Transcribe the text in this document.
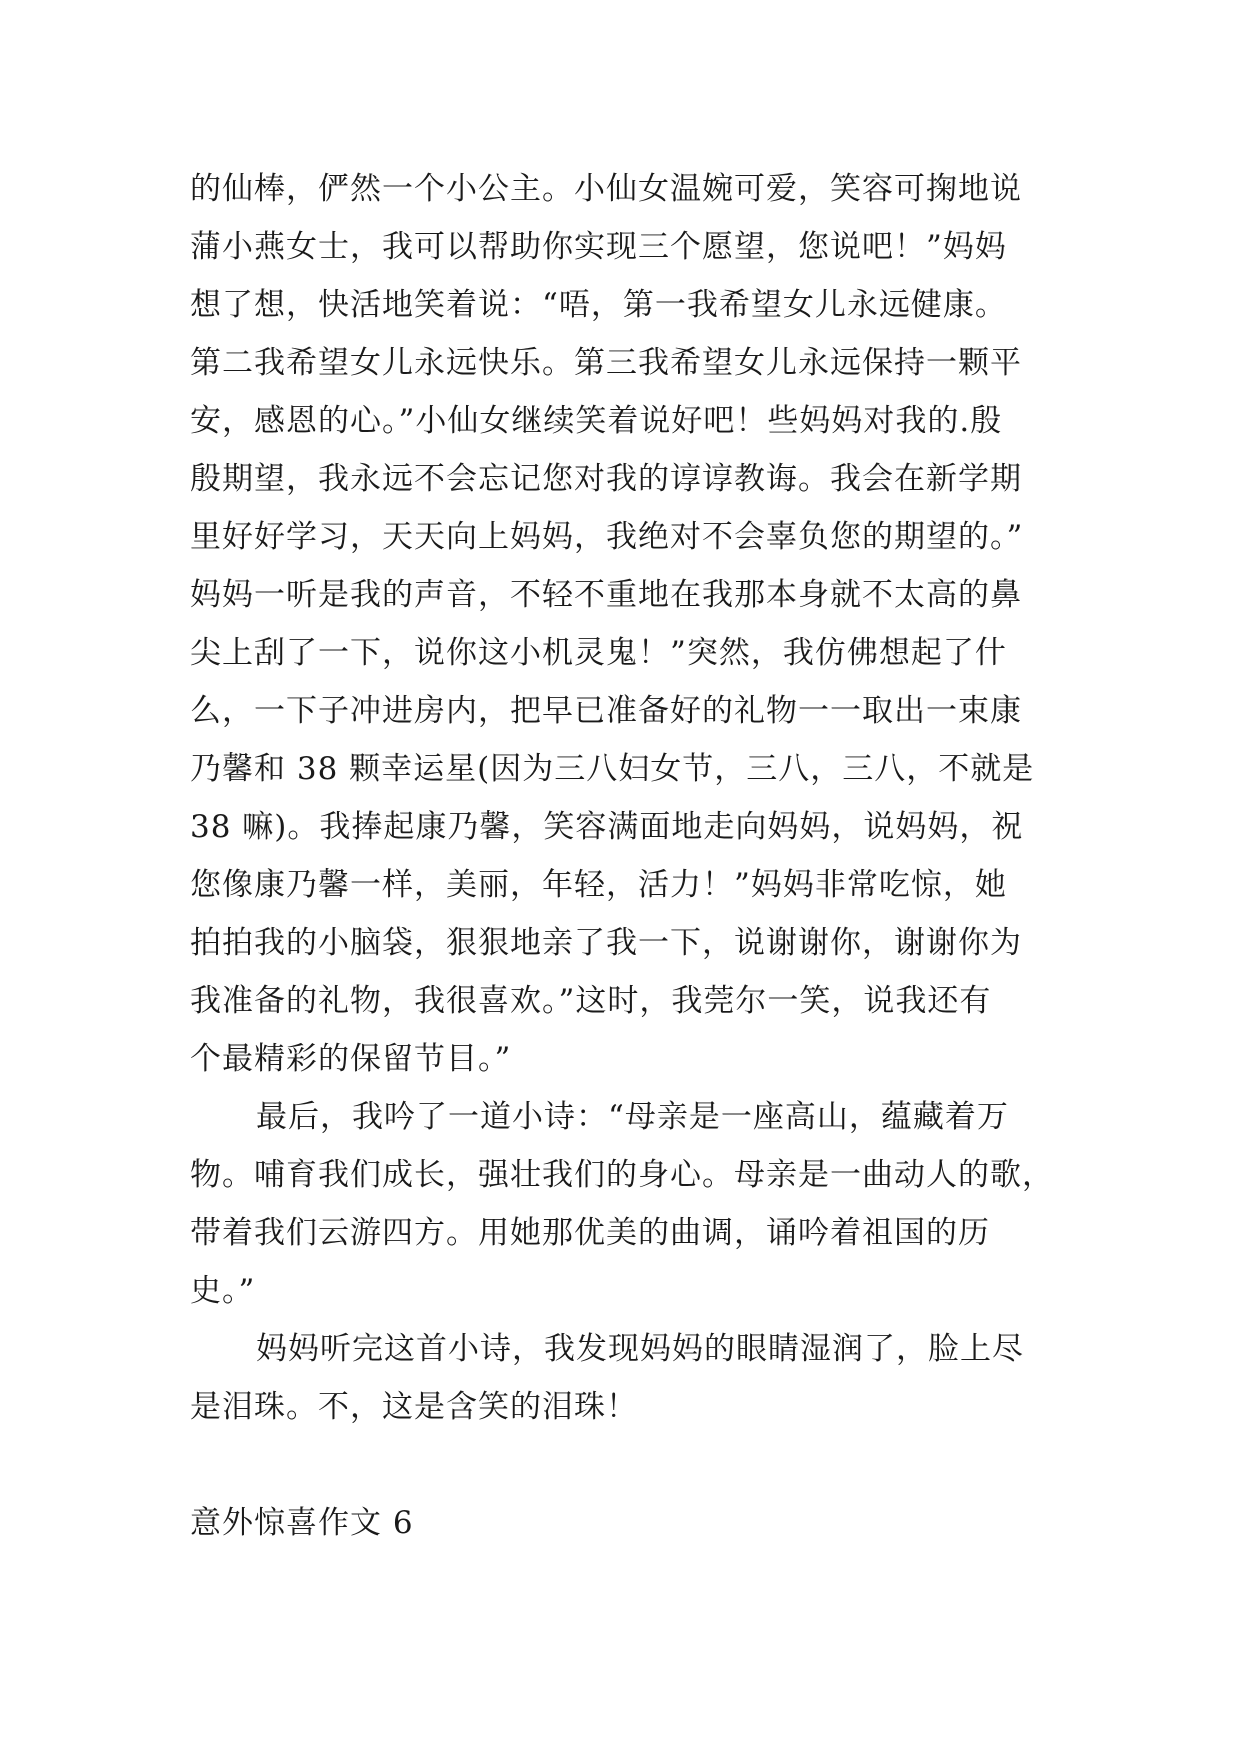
的仙棒，俨然一个小公主。小仙女温婉可爱，笑容可掬地说
蒲小燕女士，我可以帮助你实现三个愿望，您说吧！”妈妈
想了想，快活地笑着说：“唔，第一我希望女儿永远健康。
第二我希望女儿永远快乐。第三我希望女儿永远保持一颗平
安，感恩的心。”小仙女继续笑着说好吧！些妈妈对我的.殷
殷期望，我永远不会忘记您对我的谆谆教诲。我会在新学期
里好好学习，天天向上妈妈，我绝对不会辜负您的期望的。”
妈妈一听是我的声音，不轻不重地在我那本身就不太高的鼻
尖上刮了一下，说你这小机灵鬼！”突然，我仿佛想起了什
么，一下子冲进房内，把早已准备好的礼物一一取出一束康
乃馨和 38 颗幸运星(因为三八妇女节，三八，三八，不就是
38 嘛)。我捧起康乃馨，笑容满面地走向妈妈，说妈妈，祝
您像康乃馨一样，美丽，年轻，活力！”妈妈非常吃惊，她
拍拍我的小脑袋，狠狠地亲了我一下，说谢谢你，谢谢你为
我准备的礼物，我很喜欢。”这时，我莞尔一笑，说我还有
个最精彩的保留节目。”
最后，我吟了一道小诗：“母亲是一座高山，蕴藏着万
物。哺育我们成长，强壮我们的身心。母亲是一曲动人的歌，
带着我们云游四方。用她那优美的曲调，诵吟着祖国的历
史。”
妈妈听完这首小诗，我发现妈妈的眼睛湿润了，脸上尽
是泪珠。不，这是含笑的泪珠！
意外惊喜作文 6
